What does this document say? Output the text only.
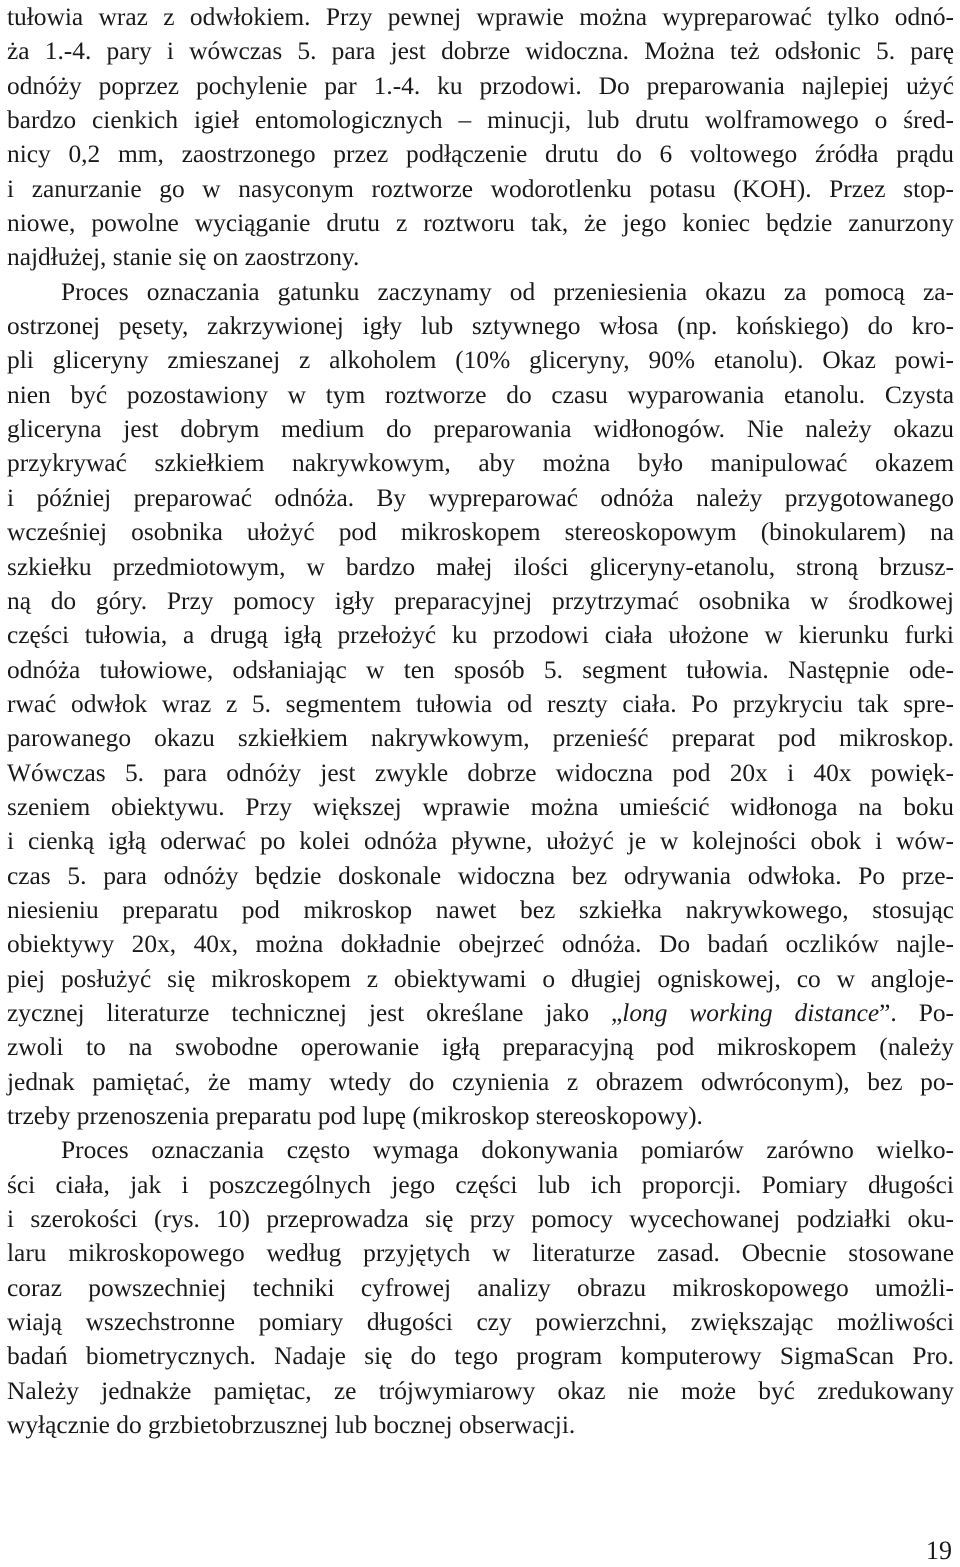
tułowia wraz z odwłokiem. Przy pewnej wprawie można wypreparować tylko odnó-
ża 1.-4. pary i wówczas 5. para jest dobrze widoczna. Można też odsłonic 5. parę
odnóży poprzez pochylenie par 1.-4. ku przodowi. Do preparowania najlepiej użyć
bardzo cienkich igieł entomologicznych – minucji, lub drutu wolframowego o śred-
nicy 0,2 mm, zaostrzonego przez podłączenie drutu do 6 voltowego źródła prądu
i zanurzanie go w nasyconym roztworze wodorotlenku potasu (KOH). Przez stop-
niowe, powolne wyciąganie drutu z roztworu tak, że jego koniec będzie zanurzony
najdłużej, stanie się on zaostrzony.
Proces oznaczania gatunku zaczynamy od przeniesienia okazu za pomocą za-
ostrzonej pęsety, zakrzywionej igły lub sztywnego włosa (np. końskiego) do kro-
pli gliceryny zmieszanej z alkoholem (10% gliceryny, 90% etanolu). Okaz powi-
nien być pozostawiony w tym roztworze do czasu wyparowania etanolu. Czysta
gliceryna jest dobrym medium do preparowania widłonogów. Nie należy okazu
przykrywać szkiełkiem nakrywkowym, aby można było manipulować okazem
i później preparować odnóża. By wypreparować odnóża należy przygotowanego
wcześniej osobnika ułożyć pod mikroskopem stereoskopowym (binokularem) na
szkiełku przedmiotowym, w bardzo małej ilości gliceryny-etanolu, stroną brzusz-
ną do góry. Przy pomocy igły preparacyjnej przytrzymać osobnika w środkowej
części tułowia, a drugą igłą przełożyć ku przodowi ciała ułożone w kierunku furki
odnóża tułowiowe, odsłaniając w ten sposób 5. segment tułowia. Następnie ode-
rwać odwłok wraz z 5. segmentem tułowia od reszty ciała. Po przykryciu tak spre-
parowanego okazu szkiełkiem nakrywkowym, przenieść preparat pod mikroskop.
Wówczas 5. para odnóży jest zwykle dobrze widoczna pod 20x i 40x powięk-
szeniem obiektywu. Przy większej wprawie można umieścić widłonoga na boku
i cienką igłą oderwać po kolei odnóża pływne, ułożyć je w kolejności obok i wów-
czas 5. para odnóży będzie doskonale widoczna bez odrywania odwłoka. Po prze-
niesieniu preparatu pod mikroskop nawet bez szkiełka nakrywkowego, stosując
obiektywy 20x, 40x, można dokładnie obejrzeć odnóża. Do badań oczlików najle-
piej posłużyć się mikroskopem z obiektywami o długiej ogniskowej, co w angloje-
zycznej literaturze technicznej jest określane jako „long working distance”. Po-
zwoli to na swobodne operowanie igłą preparacyjną pod mikroskopem (należy
jednak pamiętać, że mamy wtedy do czynienia z obrazem odwróconym), bez po-
trzeby przenoszenia preparatu pod lupę (mikroskop stereoskopowy).
Proces oznaczania często wymaga dokonywania pomiarów zarówno wielko-
ści ciała, jak i poszczególnych jego części lub ich proporcji. Pomiary długości
i szerokości (rys. 10) przeprowadza się przy pomocy wycechowanej podziałki oku-
laru mikroskopowego według przyjętych w literaturze zasad. Obecnie stosowane
coraz powszechniej techniki cyfrowej analizy obrazu mikroskopowego umożli-
wiają wszechstronne pomiary długości czy powierzchni, zwiększając możliwości
badań biometrycznych. Nadaje się do tego program komputerowy SigmaScan Pro.
Należy jednakże pamiętac, ze trójwymiarowy okaz nie może być zredukowany
wyłącznie do grzbietobrzusznej lub bocznej obserwacji.
19
